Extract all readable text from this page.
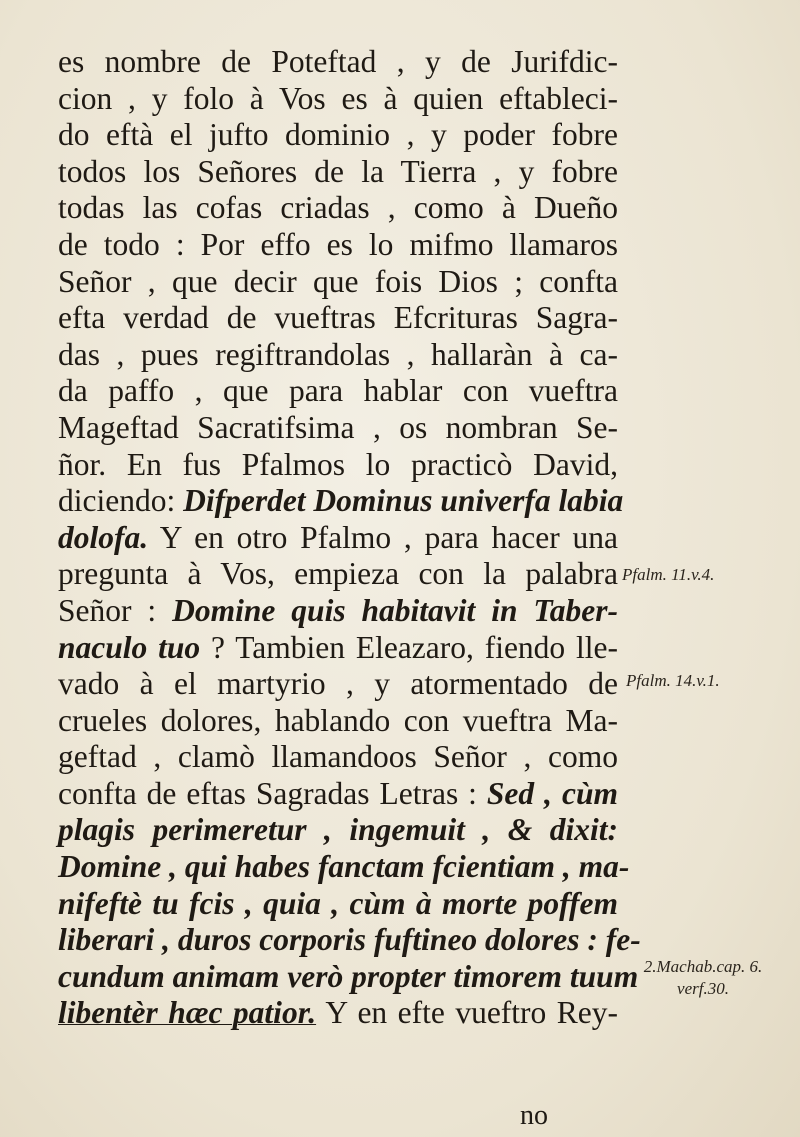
es nombre de Poteftad , y de Jurifdic-
cion , y folo à Vos es à quien eftableci-
do eftà el jufto dominio , y poder fobre
todos los Señores de la Tierra , y fobre
todas las cofas criadas , como à Dueño
de todo : Por effo es lo mifmo llamaros
Señor , que decir que fois Dios ; confta
efta verdad de vueftras Efcrituras Sagra-
das , pues regiftrandolas , hallaràn à ca-
da paffo , que para hablar con vueftra
Mageftad Sacratifsima , os nombran Se-
ñor. En fus Pfalmos lo practicò David,
diciendo: Difperdet Dominus univerfa labia
dolofa. Y en otro Pfalmo , para hacer una
pregunta à Vos, empieza con la palabra
Señor : Domine quis habitavit in Taber-
naculo tuo ? Tambien Eleazaro, fiendo lle-
vado à el martyrio , y atormentado de
crueles dolores, hablando con vueftra Ma-
geftad , clamò llamandoos Señor , como
confta de eftas Sagradas Letras : Sed , cùm
plagis perimeretur , ingemuit , & dixit:
Domine , qui habes fanctam fcientiam , ma-
nifeftè tu fcis , quia , cùm à morte poffem
liberari , duros corporis fuftineo dolores : fe-
cundum animam verò propter timorem tuum
libentèr hæc patior. Y en efte vueftro Rey-
no
Pfalm. 11.v.4.
Pfalm. 14.v.1.
2.Machab.cap. 6. verf.30.
